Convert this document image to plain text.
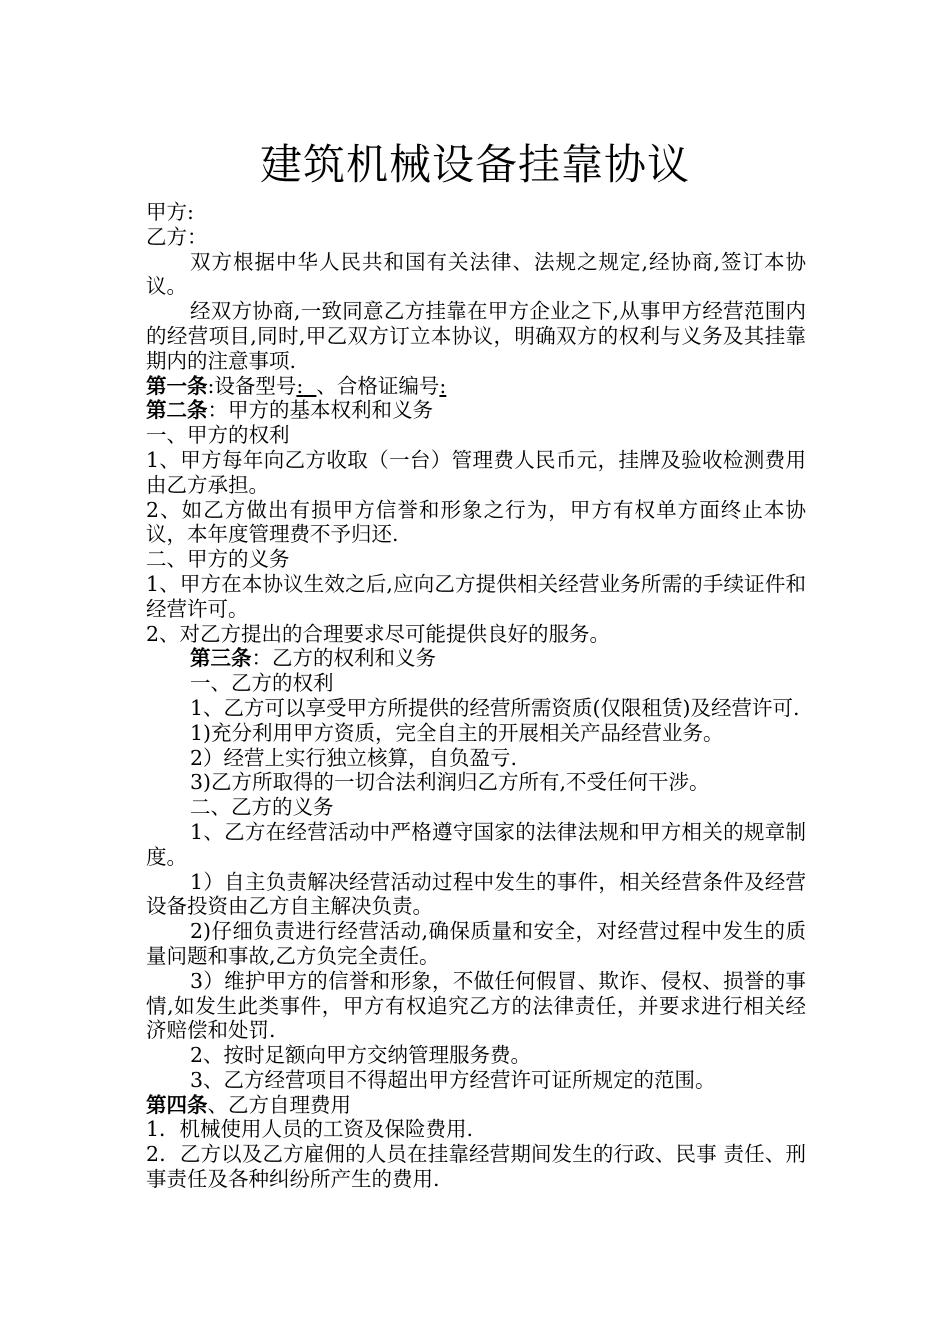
建筑机械设备挂靠协议

甲方:

乙方：

双方根据中华人民共和国有关法律、法规之规定,经协商,签订本协议。

经双方协商,一致同意乙方挂靠在甲方企业之下,从事甲方经营范围内的经营项目,同时,甲乙双方订立本协议，明确双方的权利与义务及其挂靠期内的注意事项.

第一条:设备型号: 、合格证编号:

第二条：甲方的基本权利和义务

一、甲方的权利

1、甲方每年向乙方收取（一台）管理费人民币元，挂牌及验收检测费用由乙方承担。

2、如乙方做出有损甲方信誉和形象之行为，甲方有权单方面终止本协议，本年度管理费不予归还.

二、甲方的义务

1、甲方在本协议生效之后,应向乙方提供相关经营业务所需的手续证件和经营许可。

2、对乙方提出的合理要求尽可能提供良好的服务。

第三条：乙方的权利和义务

一、乙方的权利

1、乙方可以享受甲方所提供的经营所需资质(仅限租赁)及经营许可.

1)充分利用甲方资质，完全自主的开展相关产品经营业务。

2）经营上实行独立核算，自负盈亏.

3)乙方所取得的一切合法利润归乙方所有,不受任何干涉。

二、乙方的义务

1、乙方在经营活动中严格遵守国家的法律法规和甲方相关的规章制度。

1）自主负责解决经营活动过程中发生的事件，相关经营条件及经营设备投资由乙方自主解决负责。

2)仔细负责进行经营活动,确保质量和安全，对经营过程中发生的质量问题和事故,乙方负完全责任。

3）维护甲方的信誉和形象，不做任何假冒、欺诈、侵权、损誉的事情,如发生此类事件，甲方有权追究乙方的法律责任，并要求进行相关经济赔偿和处罚.

2、按时足额向甲方交纳管理服务费。

3、乙方经营项目不得超出甲方经营许可证所规定的范围。

第四条、乙方自理费用

1．机械使用人员的工资及保险费用.

2．乙方以及乙方雇佣的人员在挂靠经营期间发生的行政、民事 责任、刑事责任及各种纠纷所产生的费用.
